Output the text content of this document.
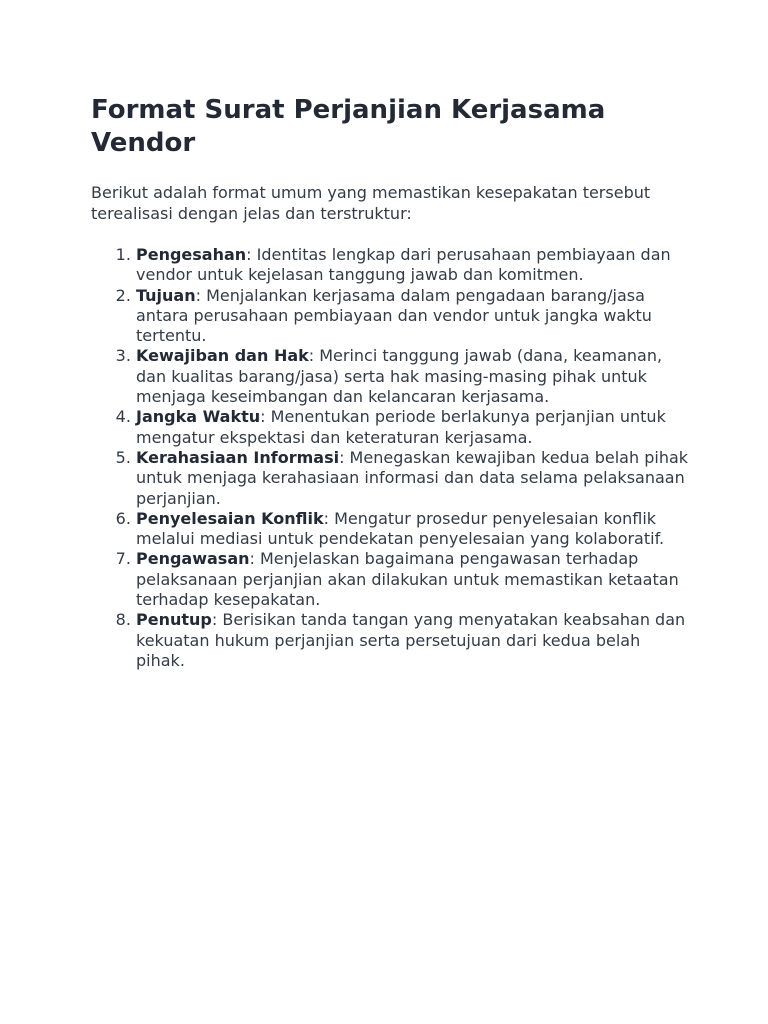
Format Surat Perjanjian Kerjasama Vendor

Berikut adalah format umum yang memastikan kesepakatan tersebut terealisasi dengan jelas dan terstruktur:

1. Pengesahan: Identitas lengkap dari perusahaan pembiayaan dan vendor untuk kejelasan tanggung jawab dan komitmen.
2. Tujuan: Menjalankan kerjasama dalam pengadaan barang/jasa antara perusahaan pembiayaan dan vendor untuk jangka waktu tertentu.
3. Kewajiban dan Hak: Merinci tanggung jawab (dana, keamanan, dan kualitas barang/jasa) serta hak masing-masing pihak untuk menjaga keseimbangan dan kelancaran kerjasama.
4. Jangka Waktu: Menentukan periode berlakunya perjanjian untuk mengatur ekspektasi dan keteraturan kerjasama.
5. Kerahasiaan Informasi: Menegaskan kewajiban kedua belah pihak untuk menjaga kerahasiaan informasi dan data selama pelaksanaan perjanjian.
6. Penyelesaian Konflik: Mengatur prosedur penyelesaian konflik melalui mediasi untuk pendekatan penyelesaian yang kolaboratif.
7. Pengawasan: Menjelaskan bagaimana pengawasan terhadap pelaksanaan perjanjian akan dilakukan untuk memastikan ketaatan terhadap kesepakatan.
8. Penutup: Berisikan tanda tangan yang menyatakan keabsahan dan kekuatan hukum perjanjian serta persetujuan dari kedua belah pihak.
